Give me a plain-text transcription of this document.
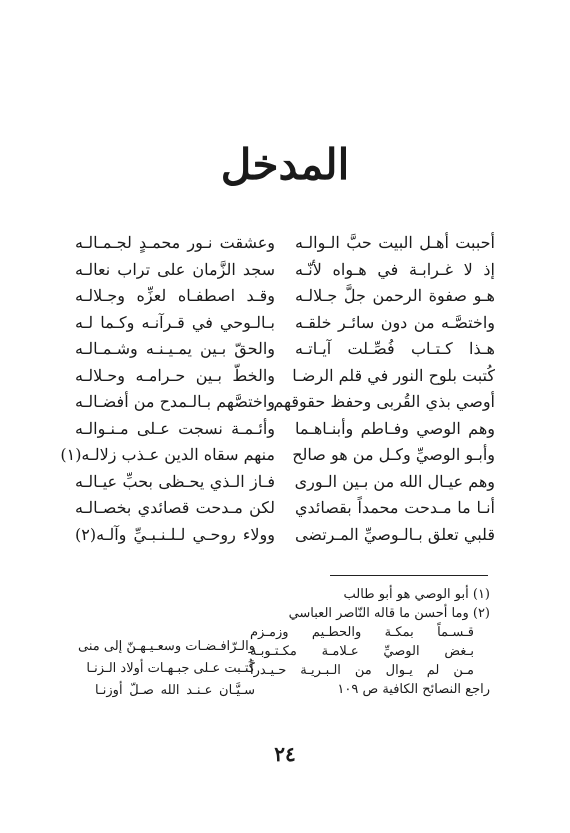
المدخل
أحببت أهـل البيت حبَّ الـوالـه
وعشقت نـور محمـدٍ لجـمـالـه
إذ لا غـرابـة في هـواه لأنّـه
سجد الزَّمان على تراب نعالـه
هـو صفوة الرحمن جلَّ جـلالـه
وقـد اصطفـاه لعزِّه وجـلالـه
واختصَّـه من دون سائـر خلقـه
بـالـوحي في قـرآنـه وكـما لـه
هـذا كـتـاب فُصِّـلت آيـاتـه
والحقّ بـين يمـيـنـه وشـمـالـه
كُتبت بلوح النور في قلم الرضـا
والخطّ بـين حـرامـه وحـلالـه
أوصي بذي القُربى وحفظ حقوقهم
واختصَّهم بـالـمدح من أفضـالـه
وهم الوصي وفـاطم وأبنـاهـما
وأئـمـة نسجت عـلى مـنـوالـه
وأبـو الوصيِّ وكـل من هو صالح
منهم سقاه الدين عـذب زلالـه(١)
وهم عيـال الله من بـين الـورى
فـاز الـذي يحـظى بحبِّ عيـالـه
أنـا ما مـدحت محمداً بقصائدي
لكن مـدحت قصائدي بخصـالـه
قلبي تعلق بـالـوصيِّ المـرتضى
وولاء روحـي لـلـنـبـيِّ وآلـه(٢)
(١) أبو الوصي هو أبو طالب
(٢) وما أحسن ما قاله النّاصر العباسي
قـسـماً بمكـة والحطـيم وزمـزم
بـغض الوصيِّ عـلامـة مكـتـوبـة
مـن لم يـوال من الـبـريـة حـيـدراً
راجع النصائح الكافية ص ١٠٩
والـرّافـضـات وسعـيـهـنّ إلى منى
كُتـبت عـلى جبـهـات أولاد الـزنـا
سـيَّـان عـنـد الله صـلّ أوزنـا
٢٤
